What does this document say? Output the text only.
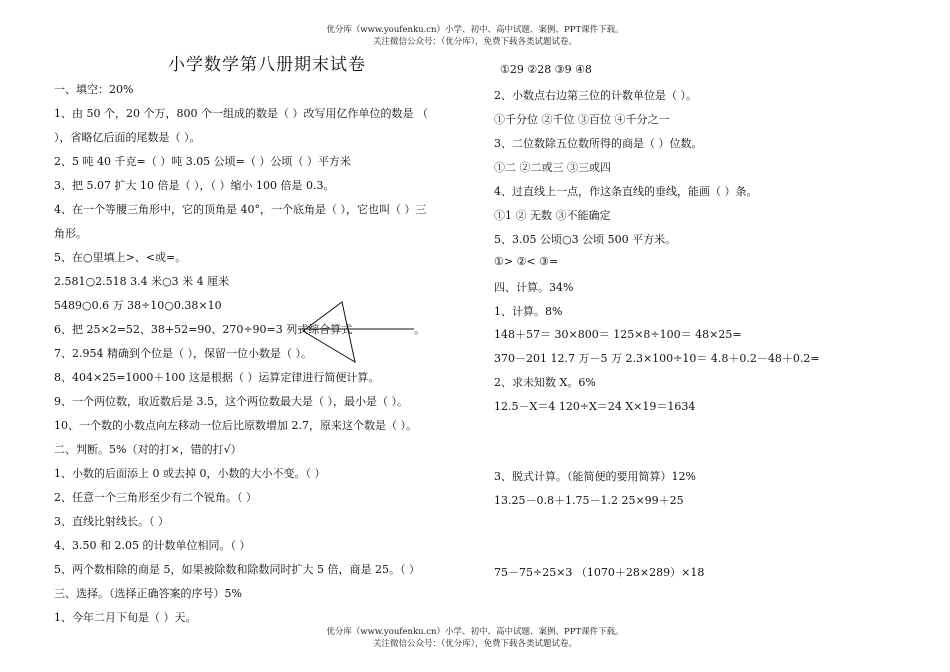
优分库（www.youfenku.cn）小学、初中、高中试题、案例、PPT课件下载。
关注微信公众号：（优分库），免费下载各类试题试卷。
小学数学第八册期末试卷
一、填空：20%
1、由 50 个，20 个万，800 个一组成的数是（ ）改写用亿作单位的数是 （
），省略亿后面的尾数是（ ）。
2、5 吨 40 千克=（ ）吨 3.05 公顷=（ ）公顷（ ）平方米
3、把 5.07 扩大 10 倍是（ ），（ ）缩小 100 倍是 0.3。
4、在一个等腰三角形中，它的顶角是 40°，一个底角是（ ），它也叫（ ）三
角形。
5、在○里填上>、<或=。
2.581○2.518 3.4 米○3 米 4 厘米
5489○0.6 万 38÷10○0.38×10
6、把 25×2=52、38+52=90、270÷90=3 列式综合算式
7、2.954 精确到个位是（ ），保留一位小数是（ ）。
8、404×25=1000＋100 这是根据（ ）运算定律进行简便计算。
9、一个两位数，取近数后是 3.5，这个两位数最大是（ ），最小是（ ）。
10、一个数的小数点向左移动一位后比原数增加 2.7，原来这个数是（ ）。
二、判断。5%（对的打×，错的打√）
1、小数的后面添上 0 或去掉 0，小数的大小不变。（ ）
2、任意一个三角形至少有二个锐角。（ ）
3、直线比射线长。（ ）
4、3.50 和 2.05 的计数单位相同。（ ）
5、两个数相除的商是 5，如果被除数和除数同时扩大 5 倍，商是 25。（ ）
三、选择。（选择正确答案的序号）5%
1、今年二月下旬是（ ）天。
。
①29 ②28 ③9 ④8
2、小数点右边第三位的计数单位是（ ）。
①千分位 ②千位 ③百位 ④千分之一
3、二位数除五位数所得的商是（ ）位数。
①二 ②二或三 ③三或四
4、过直线上一点，作这条直线的垂线，能画（ ）条。
①1 ② 无数 ③不能确定
5、3.05 公顷○3 公顷 500 平方米。
①> ②< ③=
四、计算。34%
1、计算。8%
148＋57＝ 30×800＝ 125×8÷100＝ 48×25=
370－201 12.7 万－5 万 2.3×100÷10＝ 4.8＋0.2－48＋0.2=
2、求未知数 X。6%
12.5－X＝4 120÷X＝24 X×19＝1634
3、脱式计算。（能简便的要用简算）12%
13.25－0.8＋1.75－1.2 25×99＋25
75－75÷25×3 （1070＋28×289）×18
优分库（www.youfenku.cn）小学、初中、高中试题、案例、PPT课件下载。
关注微信公众号：（优分库），免费下载各类试题试卷。
